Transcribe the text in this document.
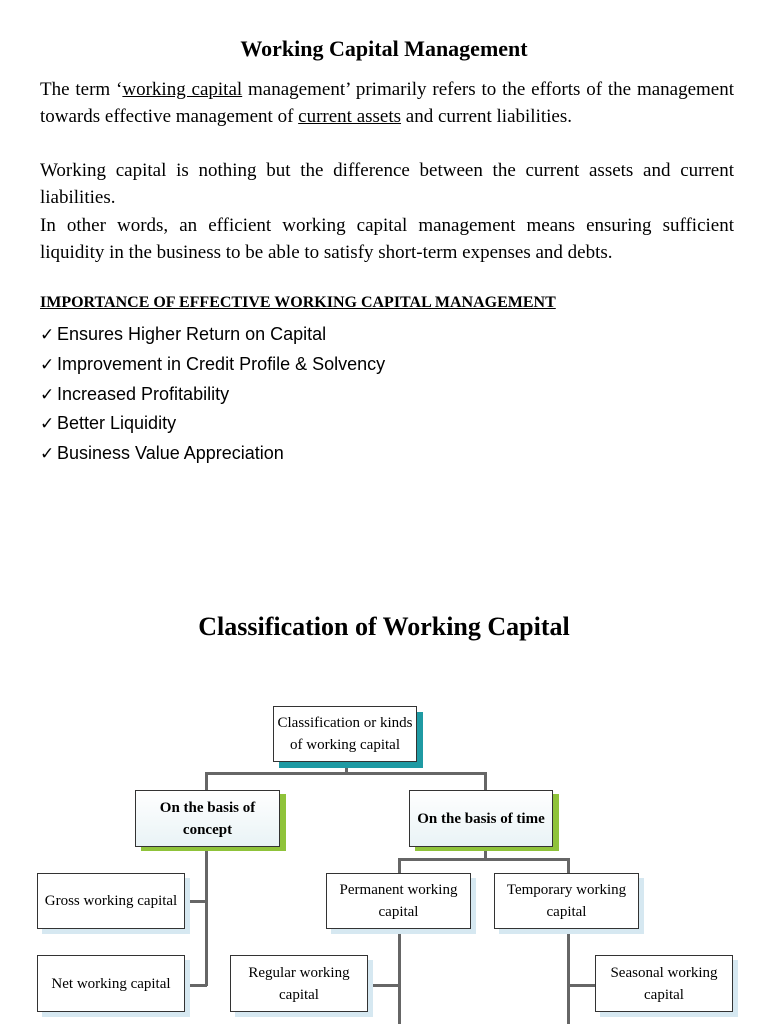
Working Capital Management
The term ‘working capital management’ primarily refers to the efforts of the management towards effective management of current assets and current liabilities.
Working capital is nothing but the difference between the current assets and current liabilities.
In other words, an efficient working capital management means ensuring sufficient liquidity in the business to be able to satisfy short-term expenses and debts.
IMPORTANCE OF EFFECTIVE WORKING CAPITAL MANAGEMENT
✓ Ensures Higher Return on Capital
✓ Improvement in Credit Profile & Solvency
✓ Increased Profitability
✓ Better Liquidity
✓ Business Value Appreciation
Classification of Working Capital
Classification or kinds of working capital
On the basis of concept
On the basis of time
Gross working capital
Net working capital
Permanent working capital
Temporary working capital
Regular working capital
Seasonal working capital
